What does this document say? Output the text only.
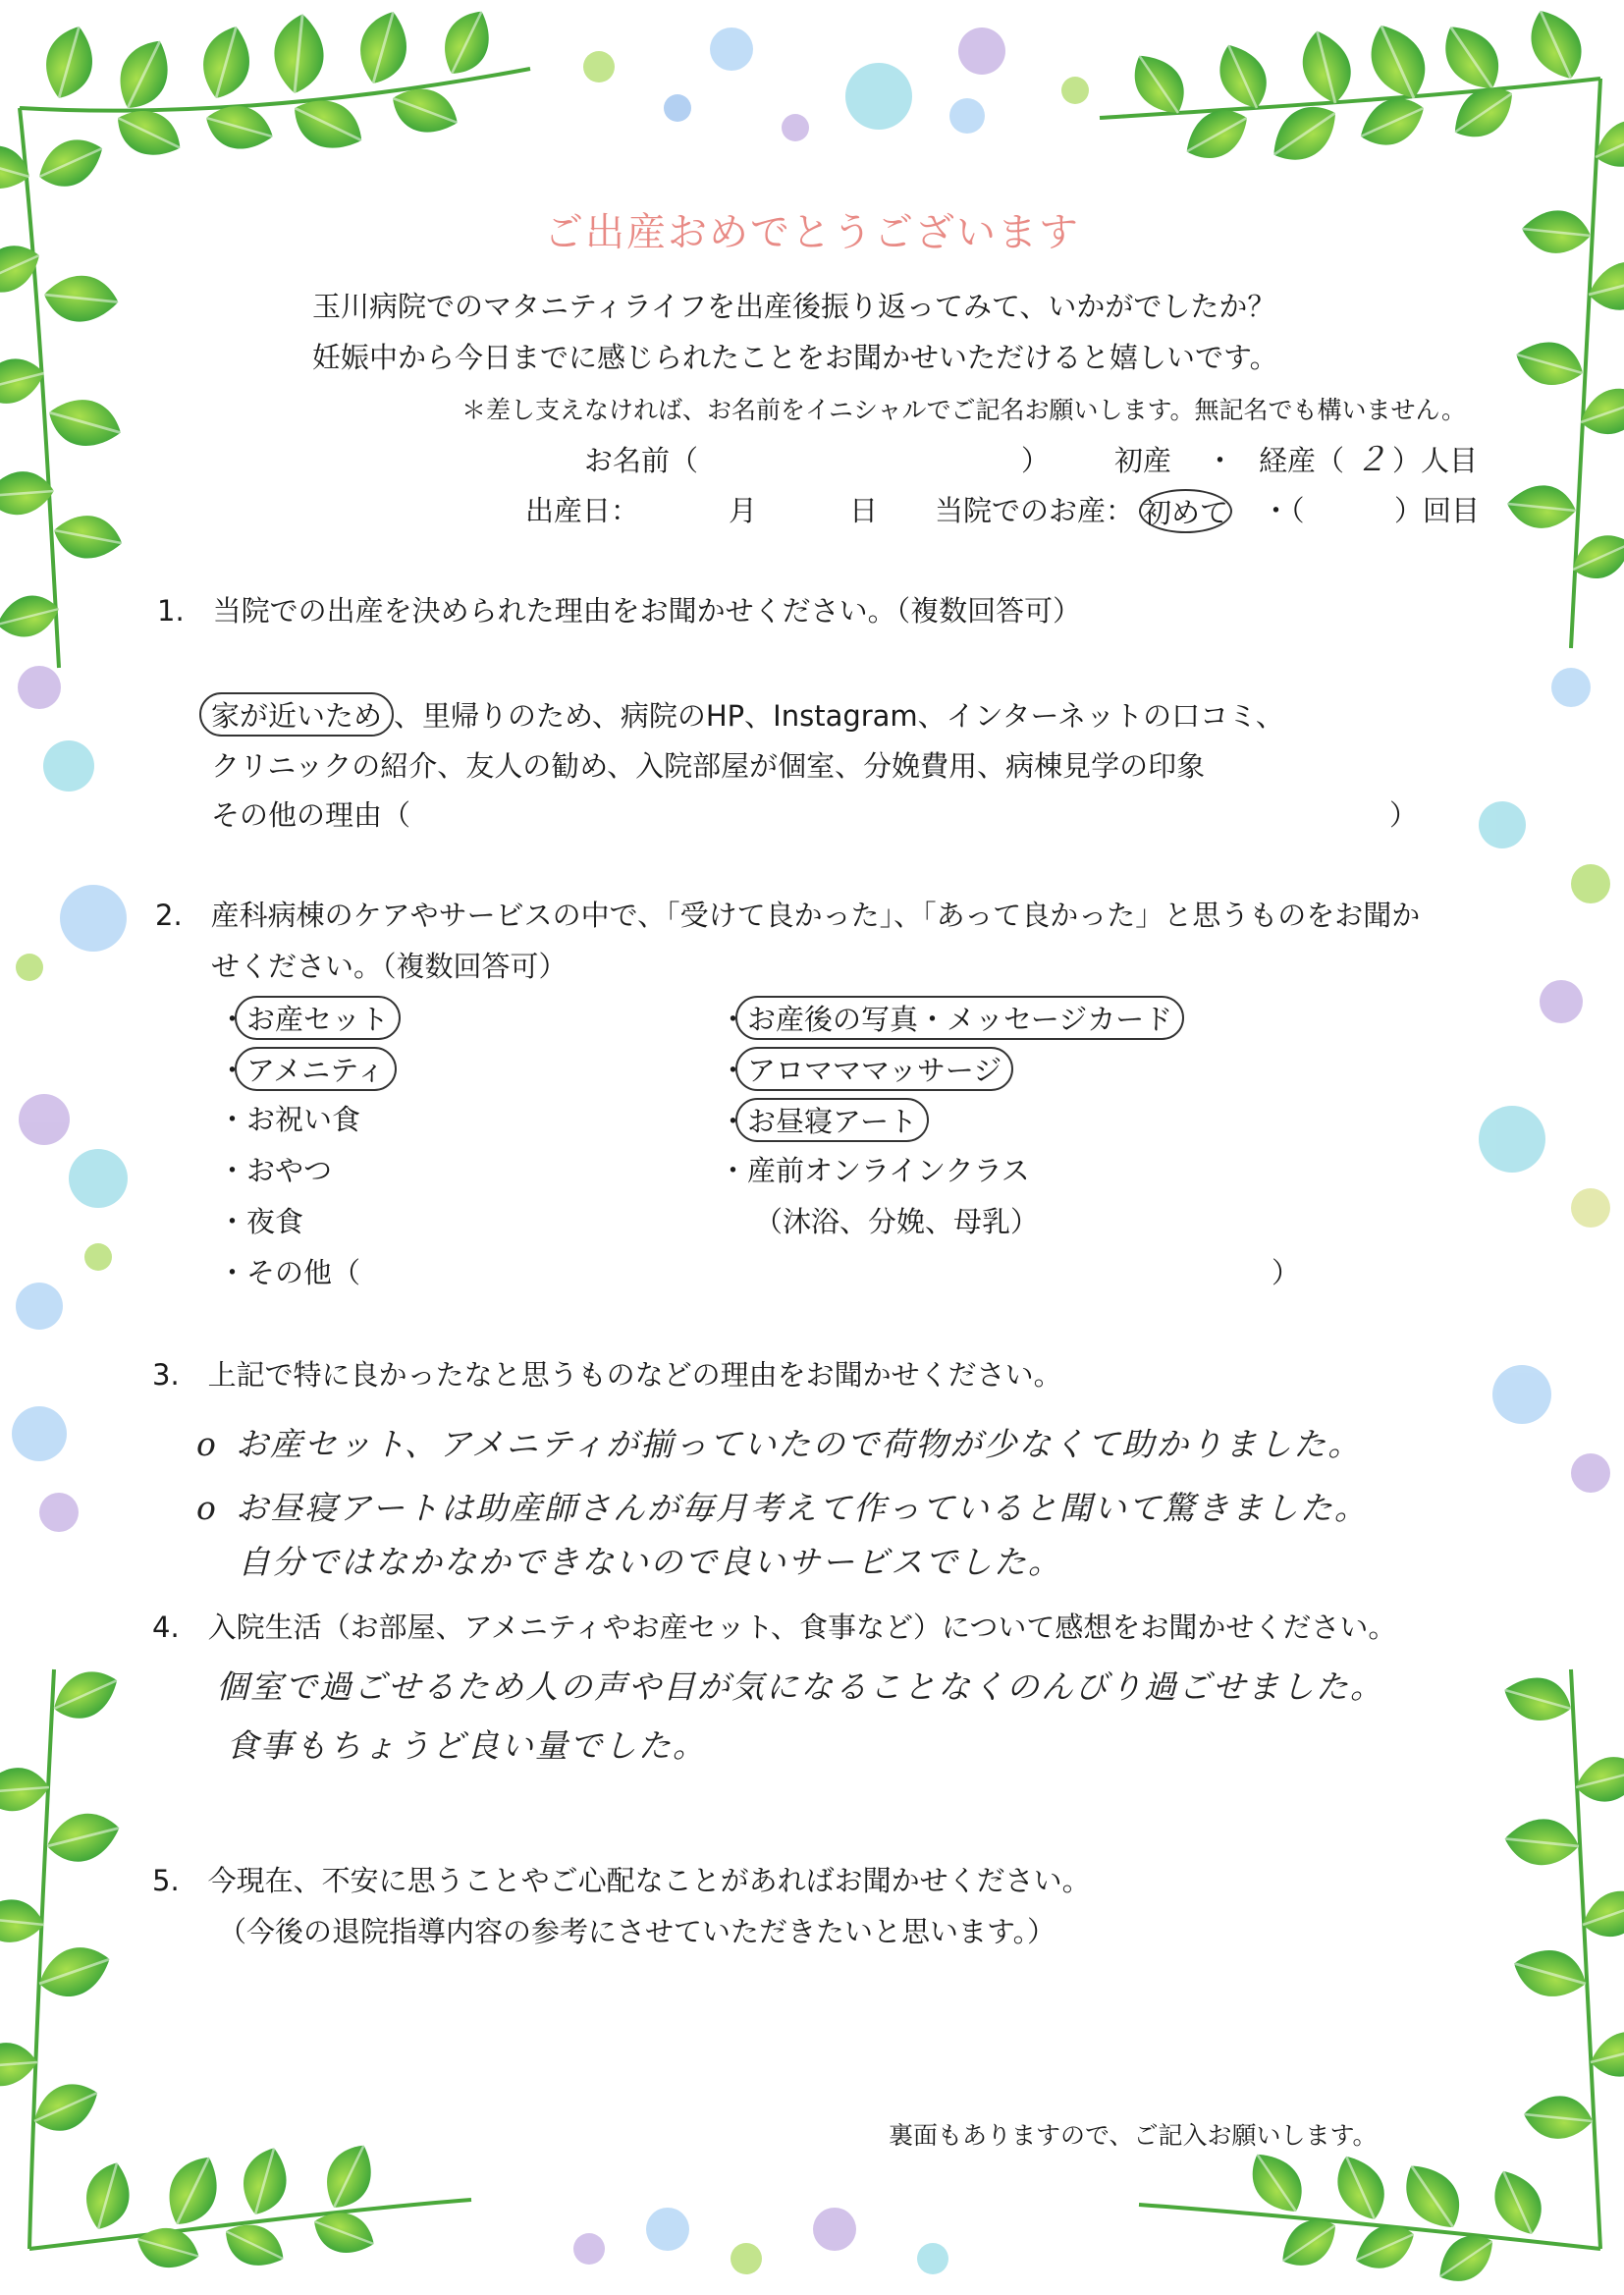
ご出産おめでとうございます
玉川病院でのマタニティライフを出産後振り返ってみて、いかがでしたか？
妊娠中から今日までに感じられたことをお聞かせいただけると嬉しいです。
＊差し支えなければ、お名前をイニシャルでご記名お願いします。無記名でも構いません。
お名前（	） 初産 ・ 経産（ ２ ）人目
出産日：	月	日 当院でのお産： 初めて ・（	）回目
1.　当院での出産を決められた理由をお聞かせください。（複数回答可）
家が近いため 、里帰りのため、病院のHP、Instagram、インターネットの口コミ、
クリニックの紹介、友人の勧め、入院部屋が個室、分娩費用、病棟見学の印象
その他の理由（	）
2.　産科病棟のケアやサービスの中で、「受けて良かった」、「あって良かった」と思うものをお聞か
せください。（複数回答可）
・お産セット
・アメニティ
・お祝い食
・おやつ
・夜食
・その他（	）
・お産後の写真・メッセージカード
・アロマママッサージ
・お昼寝アート
・産前オンラインクラス
（沐浴、分娩、母乳）
3.　上記で特に良かったなと思うものなどの理由をお聞かせください。
o お産セット、アメニティが揃っていたので荷物が少なくて助かりました。
o お昼寝アートは助産師さんが毎月考えて作っていると聞いて驚きました。
自分ではなかなかできないので良いサービスでした。
4.　入院生活（お部屋、アメニティやお産セット、食事など）について感想をお聞かせください。
個室で過ごせるため人の声や目が気になることなくのんびり過ごせました。
食事もちょうど良い量でした。
5.　今現在、不安に思うことやご心配なことがあればお聞かせください。
（今後の退院指導内容の参考にさせていただきたいと思います。）
裏面もありますので、ご記入お願いします。
